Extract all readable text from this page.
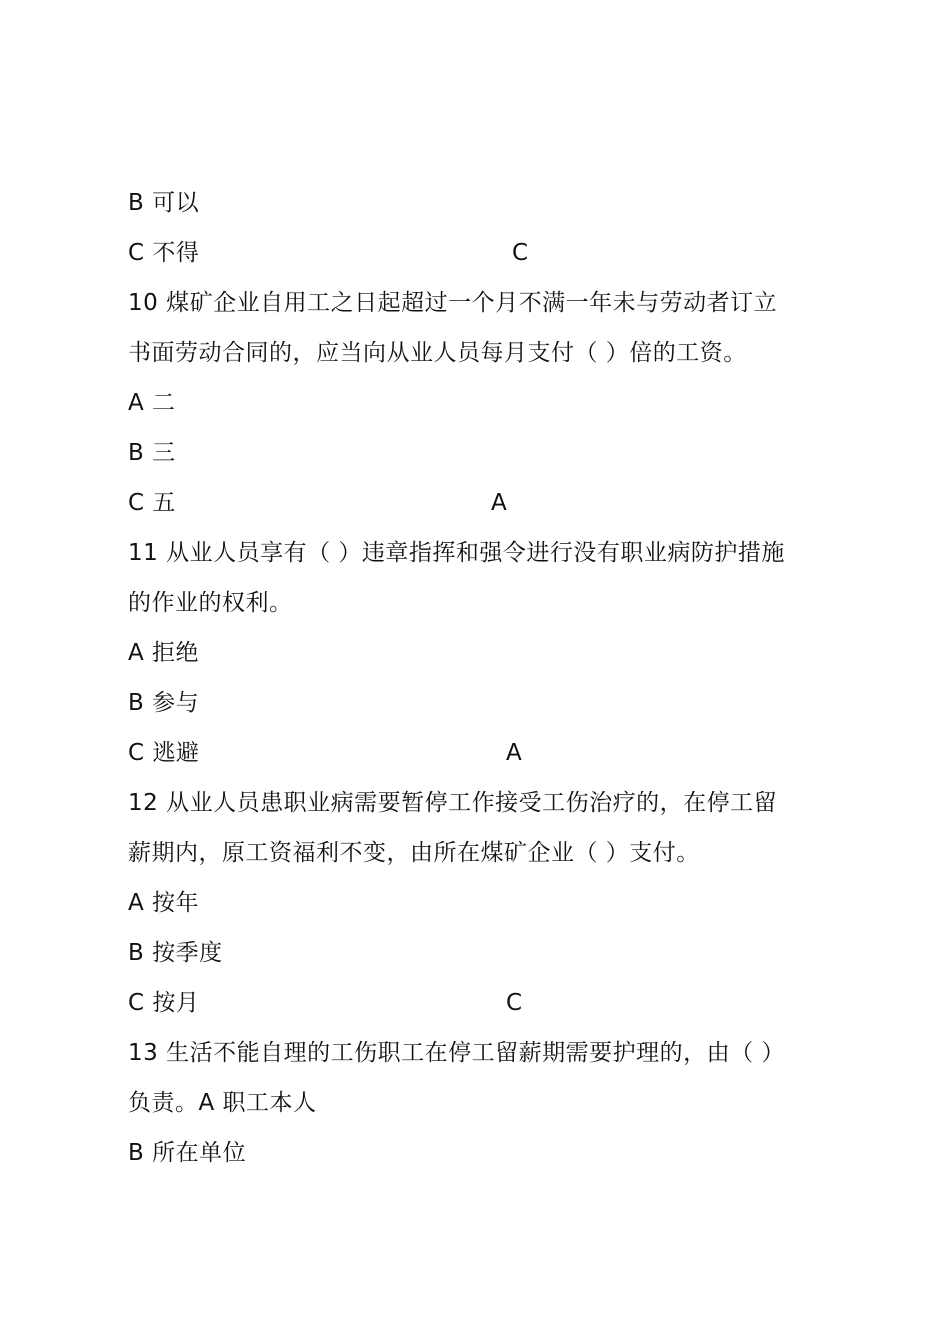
B 可以
C 不得	C
10 煤矿企业自用工之日起超过一个月不满一年未与劳动者订立
书面劳动合同的，应当向从业人员每月支付（ ）倍的工资。
A 二
B 三
C 五	A
11 从业人员享有（ ）违章指挥和强令进行没有职业病防护措施
的作业的权利。
A 拒绝
B 参与
C 逃避	A
12 从业人员患职业病需要暂停工作接受工伤治疗的，在停工留
薪期内，原工资福利不变，由所在煤矿企业（ ）支付。
A 按年
B 按季度
C 按月	C
13 生活不能自理的工伤职工在停工留薪期需要护理的，由（ ）
负责。A 职工本人
B 所在单位
